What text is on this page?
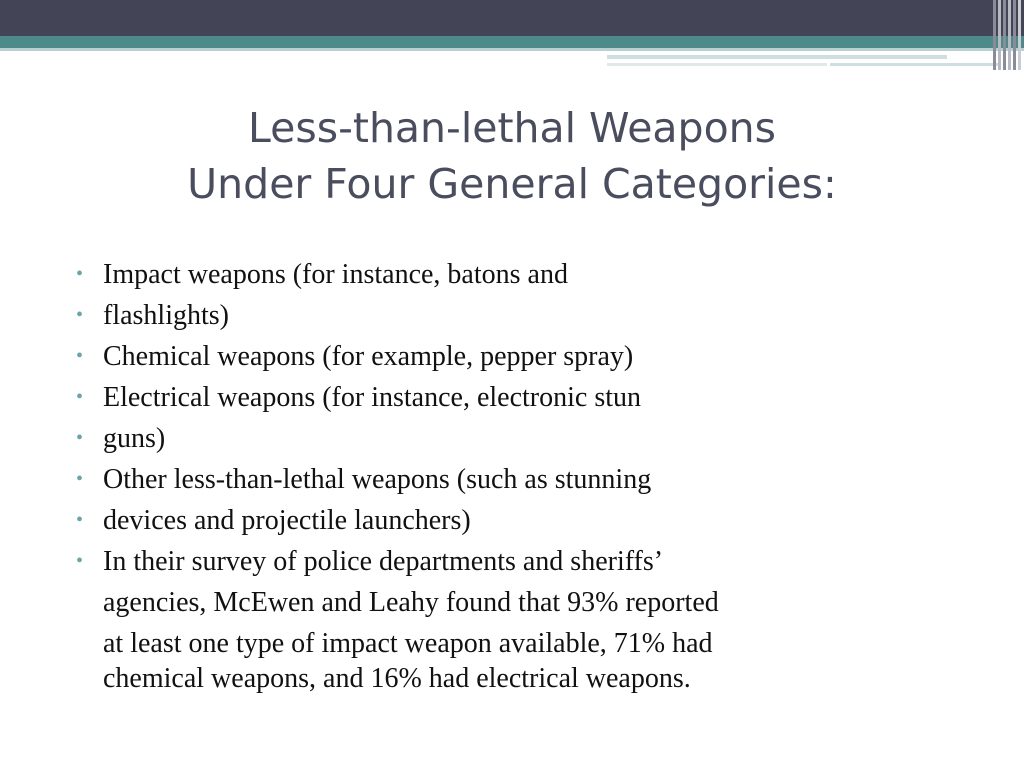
Less-than-lethal Weapons
Under Four General Categories:
• Impact weapons (for instance, batons and
• flashlights)
• Chemical weapons (for example, pepper spray)
• Electrical weapons (for instance, electronic stun
• guns)
• Other less-than-lethal weapons (such as stunning
• devices and projectile launchers)
• In their survey of police departments and sheriffs’
agencies, McEwen and Leahy found that 93% reported
at least one type of impact weapon available, 71% had
chemical weapons, and 16% had electrical weapons.
